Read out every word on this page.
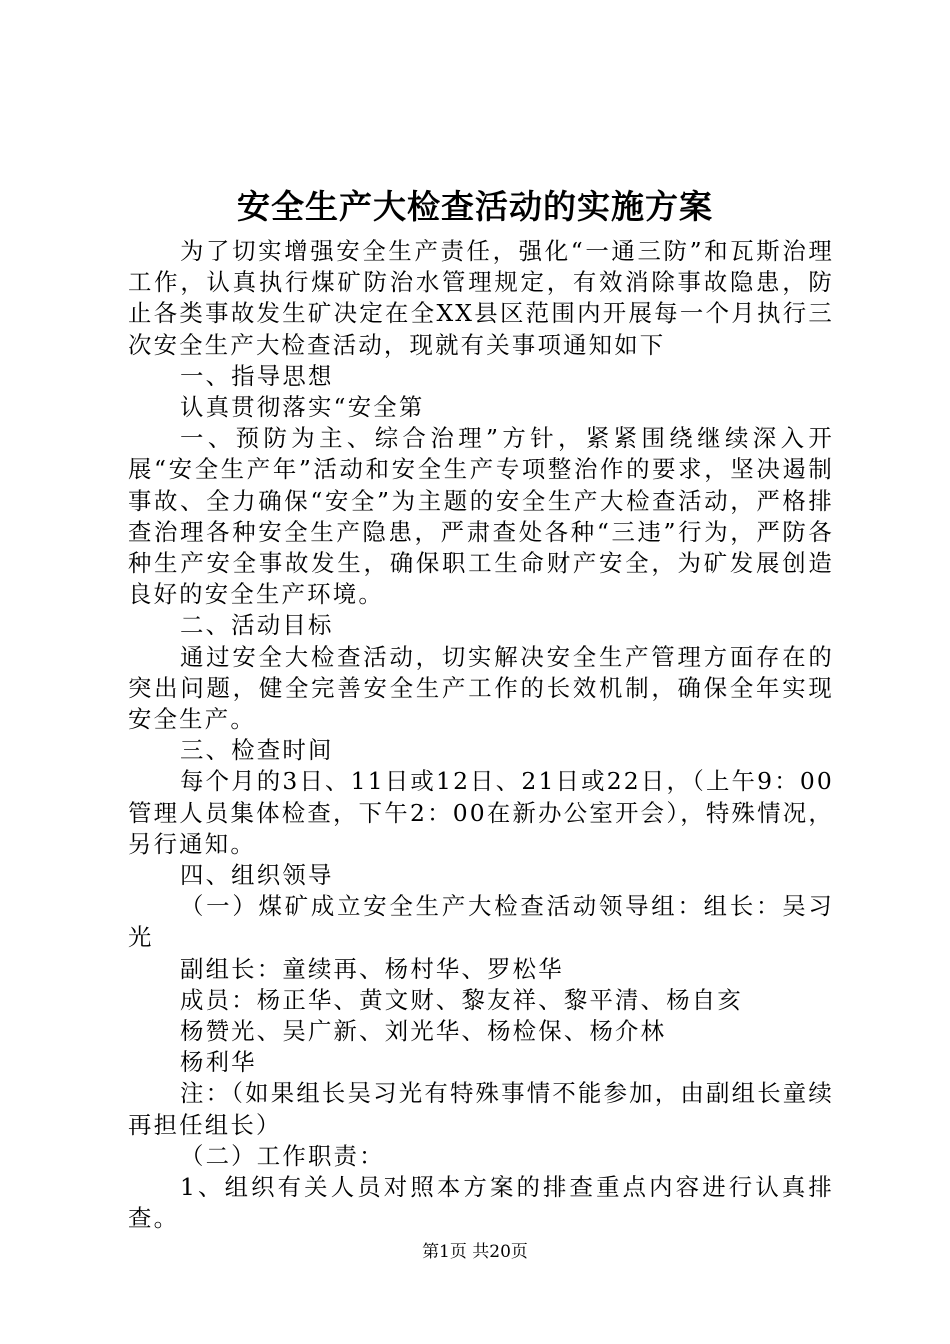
安全生产大检查活动的实施方案

为了切实增强安全生产责任，强化“一通三防”和瓦斯治理工作，认真执行煤矿防治水管理规定，有效消除事故隐患，防止各类事故发生矿决定在全XX县区范围内开展每一个月执行三次安全生产大检查活动，现就有关事项通知如下

一、指导思想

认真贯彻落实“安全第

一、预防为主、综合治理”方针，紧紧围绕继续深入开展“安全生产年”活动和安全生产专项整治作的要求，坚决遏制事故、全力确保“安全”为主题的安全生产大检查活动，严格排查治理各种安全生产隐患，严肃查处各种“三违”行为，严防各种生产安全事故发生，确保职工生命财产安全，为矿发展创造良好的安全生产环境。

二、活动目标

通过安全大检查活动，切实解决安全生产管理方面存在的突出问题，健全完善安全生产工作的长效机制，确保全年实现安全生产。

三、检查时间

每个月的3日、11日或12日、21日或22日，（上午9：00管理人员集体检查，下午2：00在新办公室开会），特殊情况，另行通知。

四、组织领导

（一）煤矿成立安全生产大检查活动领导组：组长：吴习光

副组长：童续再、杨村华、罗松华

成员：杨正华、黄文财、黎友祥、黎平清、杨自亥

杨赞光、吴广新、刘光华、杨检保、杨介林

杨利华

注：（如果组长吴习光有特殊事情不能参加，由副组长童续再担任组长）

（二）工作职责：

1、组织有关人员对照本方案的排查重点内容进行认真排查。

第1页 共20页
